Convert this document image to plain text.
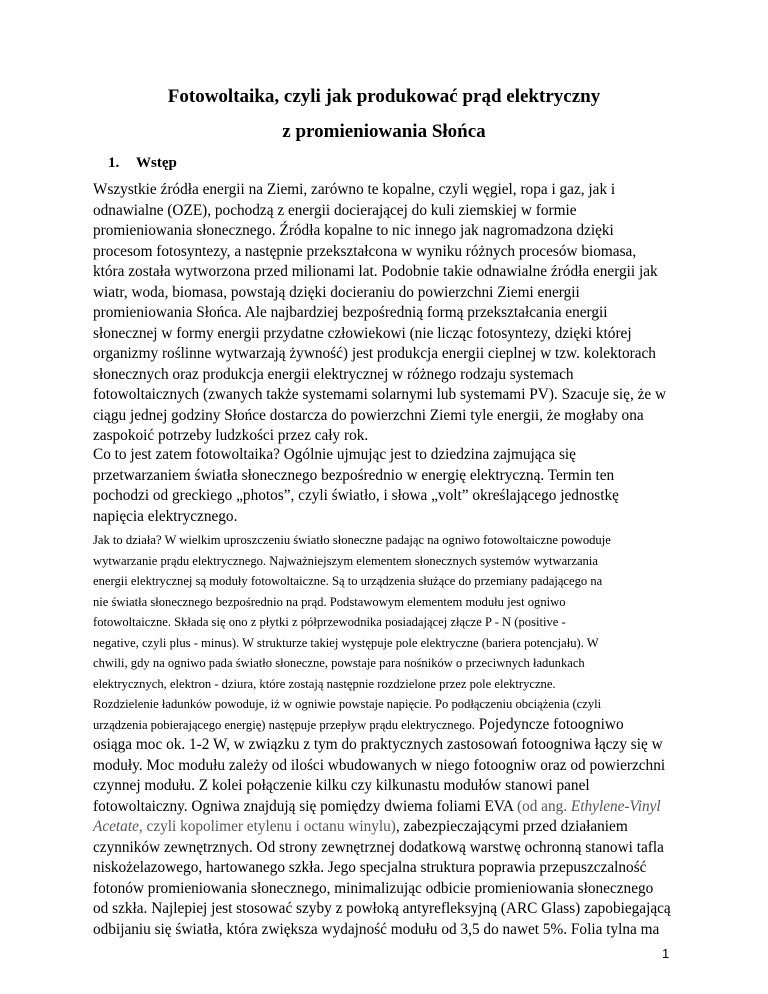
Fotowoltaika, czyli jak produkować prąd elektryczny
z promieniowania Słońca
1. Wstęp
Wszystkie źródła energii na Ziemi, zarówno te kopalne, czyli węgiel, ropa i gaz, jak i
odnawialne (OZE), pochodzą z energii docierającej do kuli ziemskiej w formie
promieniowania słonecznego. Źródła kopalne to nic innego jak nagromadzona dzięki
procesom fotosyntezy, a następnie przekształcona w wyniku różnych procesów biomasa,
która została wytworzona przed milionami lat. Podobnie takie odnawialne źródła energii jak
wiatr, woda, biomasa, powstają dzięki docieraniu do powierzchni Ziemi energii
promieniowania Słońca. Ale najbardziej bezpośrednią formą przekształcania energii
słonecznej w formy energii przydatne człowiekowi (nie licząc fotosyntezy, dzięki której
organizmy roślinne wytwarzają żywność) jest produkcja energii cieplnej w tzw. kolektorach
słonecznych oraz produkcja energii elektrycznej w różnego rodzaju systemach
fotowoltaicznych (zwanych także systemami solarnymi lub systemami PV). Szacuje się, że w
ciągu jednej godziny Słońce dostarcza do powierzchni Ziemi tyle energii, że mogłaby ona
zaspokoić potrzeby ludzkości przez cały rok.
Co to jest zatem fotowoltaika? Ogólnie ujmując jest to dziedzina zajmująca się
przetwarzaniem światła słonecznego bezpośrednio w energię elektryczną. Termin ten
pochodzi od greckiego „photos”, czyli światło, i słowa „volt” określającego jednostkę
napięcia elektrycznego.
Jak to działa? W wielkim uproszczeniu światło słoneczne padając na ogniwo fotowoltaiczne powoduje
wytwarzanie prądu elektrycznego. Najważniejszym elementem słonecznych systemów wytwarzania
energii elektrycznej są moduły fotowoltaiczne. Są to urządzenia służące do przemiany padającego na
nie światła słonecznego bezpośrednio na prąd. Podstawowym elementem modułu jest ogniwo
fotowoltaiczne. Składa się ono z płytki z półprzewodnika posiadającej złącze P - N (positive -
negative, czyli plus - minus). W strukturze takiej występuje pole elektryczne (bariera potencjału). W
chwili, gdy na ogniwo pada światło słoneczne, powstaje para nośników o przeciwnych ładunkach
elektrycznych, elektron - dziura, które zostają następnie rozdzielone przez pole elektryczne.
Rozdzielenie ładunków powoduje, iż w ogniwie powstaje napięcie. Po podłączeniu obciążenia (czyli
urządzenia pobierającego energię) następuje przepływ prądu elektrycznego. Pojedyncze fotoogniwo
osiąga moc ok. 1-2 W, w związku z tym do praktycznych zastosowań fotoogniwa łączy się w
moduły. Moc modułu zależy od ilości wbudowanych w niego fotoogniw oraz od powierzchni
czynnej modułu. Z kolei połączenie kilku czy kilkunastu modułów stanowi panel
fotowoltaiczny. Ogniwa znajdują się pomiędzy dwiema foliami EVA (od ang. Ethylene-Vinyl
Acetate, czyli kopolimer etylenu i octanu winylu), zabezpieczającymi przed działaniem
czynników zewnętrznych. Od strony zewnętrznej dodatkową warstwę ochronną stanowi tafla
niskożelazowego, hartowanego szkła. Jego specjalna struktura poprawia przepuszczalność
fotonów promieniowania słonecznego, minimalizując odbicie promieniowania słonecznego
od szkła. Najlepiej jest stosować szyby z powłoką antyrefleksyjną (ARC Glass) zapobiegającą
odbijaniu się światła, która zwiększa wydajność modułu od 3,5 do nawet 5%. Folia tylna ma
1
